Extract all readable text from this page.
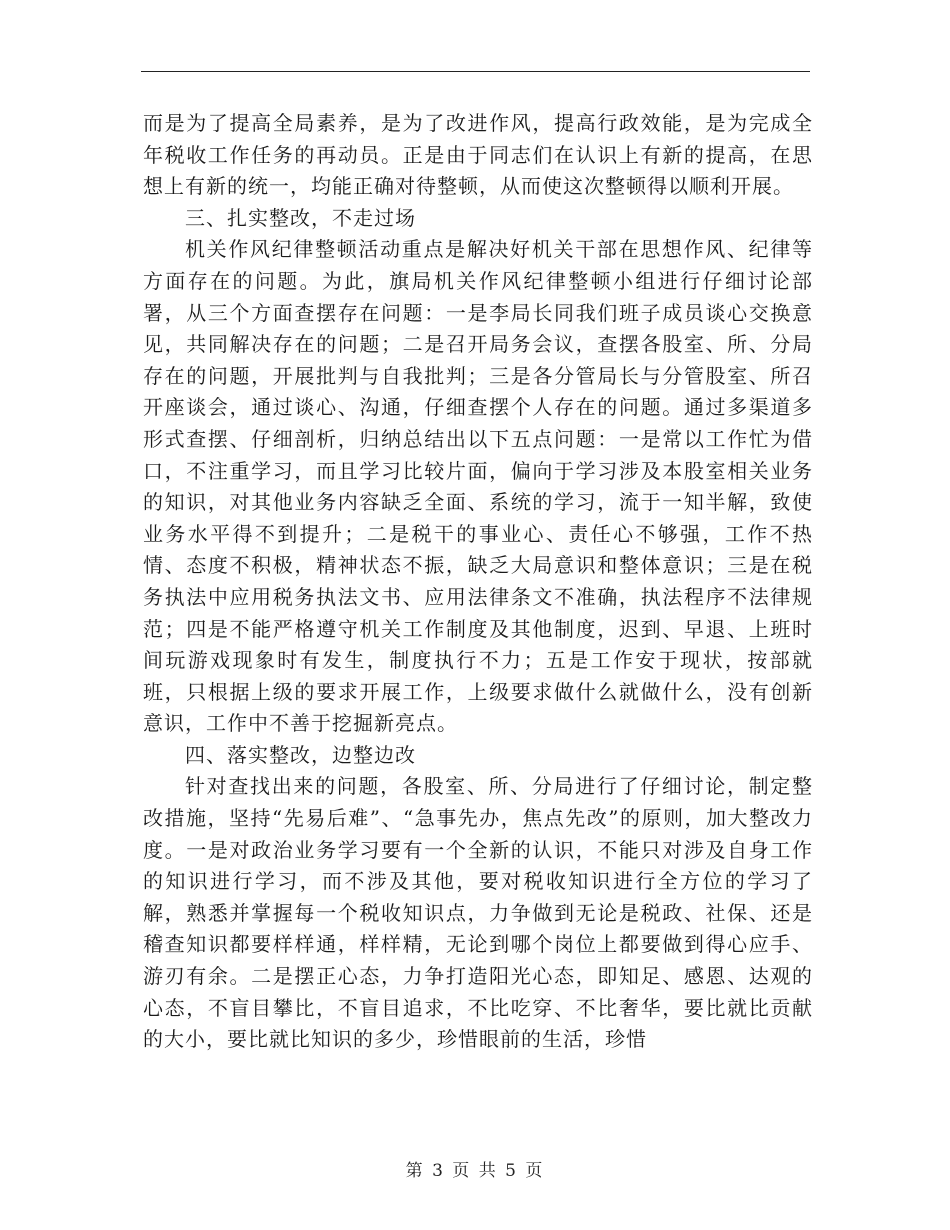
而是为了提高全局素养，是为了改进作风，提高行政效能，是为完成全年税收工作任务的再动员。正是由于同志们在认识上有新的提高，在思想上有新的统一，均能正确对待整顿，从而使这次整顿得以顺利开展。

三、扎实整改，不走过场

机关作风纪律整顿活动重点是解决好机关干部在思想作风、纪律等方面存在的问题。为此，旗局机关作风纪律整顿小组进行仔细讨论部署，从三个方面查摆存在问题：一是李局长同我们班子成员谈心交换意见，共同解决存在的问题；二是召开局务会议，查摆各股室、所、分局存在的问题，开展批判与自我批判；三是各分管局长与分管股室、所召开座谈会，通过谈心、沟通，仔细查摆个人存在的问题。通过多渠道多形式查摆、仔细剖析，归纳总结出以下五点问题：一是常以工作忙为借口，不注重学习，而且学习比较片面，偏向于学习涉及本股室相关业务的知识，对其他业务内容缺乏全面、系统的学习，流于一知半解，致使业务水平得不到提升；二是税干的事业心、责任心不够强，工作不热情、态度不积极，精神状态不振，缺乏大局意识和整体意识；三是在税务执法中应用税务执法文书、应用法律条文不准确，执法程序不法律规范；四是不能严格遵守机关工作制度及其他制度，迟到、早退、上班时间玩游戏现象时有发生，制度执行不力；五是工作安于现状，按部就班，只根据上级的要求开展工作，上级要求做什么就做什么，没有创新意识，工作中不善于挖掘新亮点。

四、落实整改，边整边改

针对查找出来的问题，各股室、所、分局进行了仔细讨论，制定整改措施，坚持“先易后难”、“急事先办，焦点先改”的原则，加大整改力度。一是对政治业务学习要有一个全新的认识，不能只对涉及自身工作的知识进行学习，而不涉及其他，要对税收知识进行全方位的学习了解，熟悉并掌握每一个税收知识点，力争做到无论是税政、社保、还是稽查知识都要样样通，样样精，无论到哪个岗位上都要做到得心应手、游刃有余。二是摆正心态，力争打造阳光心态，即知足、感恩、达观的心态，不盲目攀比，不盲目追求，不比吃穿、不比奢华，要比就比贡献的大小，要比就比知识的多少，珍惜眼前的生活，珍惜

第 3 页 共 5 页
